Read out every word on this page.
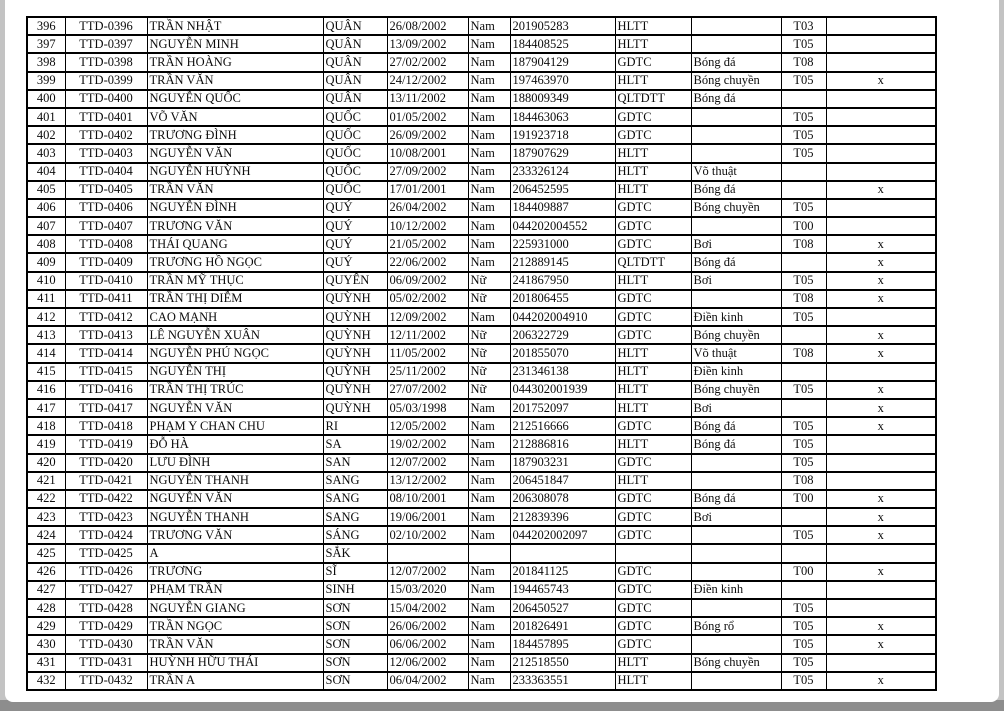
396	TTD-0396	TRẦN NHẬT	QUÂN	26/08/2002	Nam	201905283	HLTT		T03	
397	TTD-0397	NGUYỄN MINH	QUÂN	13/09/2002	Nam	184408525	HLTT		T05	
398	TTD-0398	TRẦN HOÀNG	QUÂN	27/02/2002	Nam	187904129	GDTC	Bóng đá	T08	
399	TTD-0399	TRẦN VĂN	QUÂN	24/12/2002	Nam	197463970	HLTT	Bóng chuyền	T05	x
400	TTD-0400	NGUYỄN QUỐC	QUÂN	13/11/2002	Nam	188009349	QLTDTT	Bóng đá		
401	TTD-0401	VÕ VĂN	QUỐC	01/05/2002	Nam	184463063	GDTC		T05	
402	TTD-0402	TRƯƠNG ĐÌNH	QUỐC	26/09/2002	Nam	191923718	GDTC		T05	
403	TTD-0403	NGUYỄN VĂN	QUỐC	10/08/2001	Nam	187907629	HLTT		T05	
404	TTD-0404	NGUYỄN HUỲNH	QUỐC	27/09/2002	Nam	233326124	HLTT	Võ thuật		
405	TTD-0405	TRẦN VĂN	QUỐC	17/01/2001	Nam	206452595	HLTT	Bóng đá		x
406	TTD-0406	NGUYỄN ĐÌNH	QUÝ	26/04/2002	Nam	184409887	GDTC	Bóng chuyền	T05	
407	TTD-0407	TRƯƠNG VĂN	QUÝ	10/12/2002	Nam	044202004552	GDTC		T00	
408	TTD-0408	THÁI QUANG	QUÝ	21/05/2002	Nam	225931000	GDTC	Bơi	T08	x
409	TTD-0409	TRƯƠNG HỒ NGỌC	QUÝ	22/06/2002	Nam	212889145	QLTDTT	Bóng đá		x
410	TTD-0410	TRẦN MỸ THỤC	QUYÊN	06/09/2002	Nữ	241867950	HLTT	Bơi	T05	x
411	TTD-0411	TRẦN THỊ DIỄM	QUỲNH	05/02/2002	Nữ	201806455	GDTC		T08	x
412	TTD-0412	CAO MẠNH	QUỲNH	12/09/2002	Nam	044202004910	GDTC	Điền kinh	T05	
413	TTD-0413	LÊ NGUYỄN XUÂN	QUỲNH	12/11/2002	Nữ	206322729	GDTC	Bóng chuyền		x
414	TTD-0414	NGUYỄN PHÚ NGỌC	QUỲNH	11/05/2002	Nữ	201855070	HLTT	Võ thuật	T08	x
415	TTD-0415	NGUYỄN THỊ	QUỲNH	25/11/2002	Nữ	231346138	HLTT	Điền kinh		
416	TTD-0416	TRẦN THỊ TRÚC	QUỲNH	27/07/2002	Nữ	044302001939	HLTT	Bóng chuyền	T05	x
417	TTD-0417	NGUYỄN VĂN	QUỲNH	05/03/1998	Nam	201752097	HLTT	Bơi		x
418	TTD-0418	PHẠM Y CHAN CHU	RI	12/05/2002	Nam	212516666	GDTC	Bóng đá	T05	x
419	TTD-0419	ĐỖ HÀ	SA	19/02/2002	Nam	212886816	HLTT	Bóng đá	T05	
420	TTD-0420	LƯU ĐÌNH	SAN	12/07/2002	Nam	187903231	GDTC		T05	
421	TTD-0421	NGUYỄN THANH	SANG	13/12/2002	Nam	206451847	HLTT		T08	
422	TTD-0422	NGUYỄN VĂN	SANG	08/10/2001	Nam	206308078	GDTC	Bóng đá	T00	x
423	TTD-0423	NGUYỄN THANH	SANG	19/06/2001	Nam	212839396	GDTC	Bơi		x
424	TTD-0424	TRƯƠNG VĂN	SÁNG	02/10/2002	Nam	044202002097	GDTC		T05	x
425	TTD-0425	A	SẮK							
426	TTD-0426	TRƯƠNG	SĨ	12/07/2002	Nam	201841125	GDTC		T00	x
427	TTD-0427	PHẠM TRẦN	SINH	15/03/2020	Nam	194465743	GDTC	Điền kinh		
428	TTD-0428	NGUYỄN GIANG	SƠN	15/04/2002	Nam	206450527	GDTC		T05	
429	TTD-0429	TRẦN NGỌC	SƠN	26/06/2002	Nam	201826491	GDTC	Bóng rổ	T05	x
430	TTD-0430	TRẦN VĂN	SƠN	06/06/2002	Nam	184457895	GDTC		T05	x
431	TTD-0431	HUỲNH HỮU THÁI	SƠN	12/06/2002	Nam	212518550	HLTT	Bóng chuyền	T05	
432	TTD-0432	TRẦN A	SƠN	06/04/2002	Nam	233363551	HLTT		T05	x
